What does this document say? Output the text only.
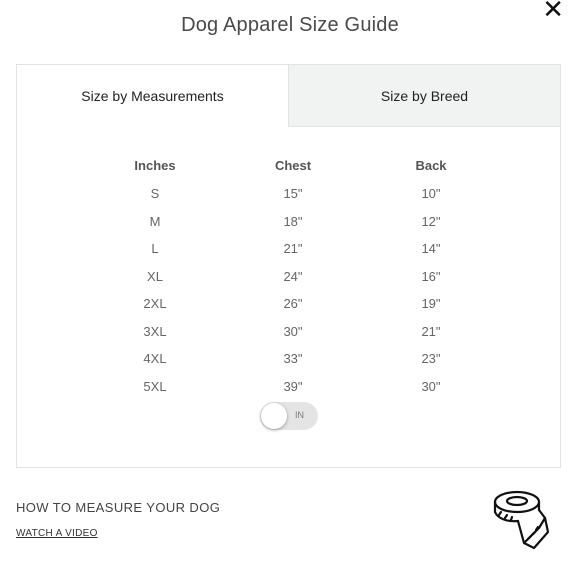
Dog Apparel Size Guide
✕
Size by Measurements	Size by Breed
Inches	Chest	Back
S	15"	10"
M	18"	12"
L	21"	14"
XL	24"	16"
2XL	26"	19"
3XL	30"	21"
4XL	33"	23"
5XL	39"	30"
IN
HOW TO MEASURE YOUR DOG
WATCH A VIDEO
